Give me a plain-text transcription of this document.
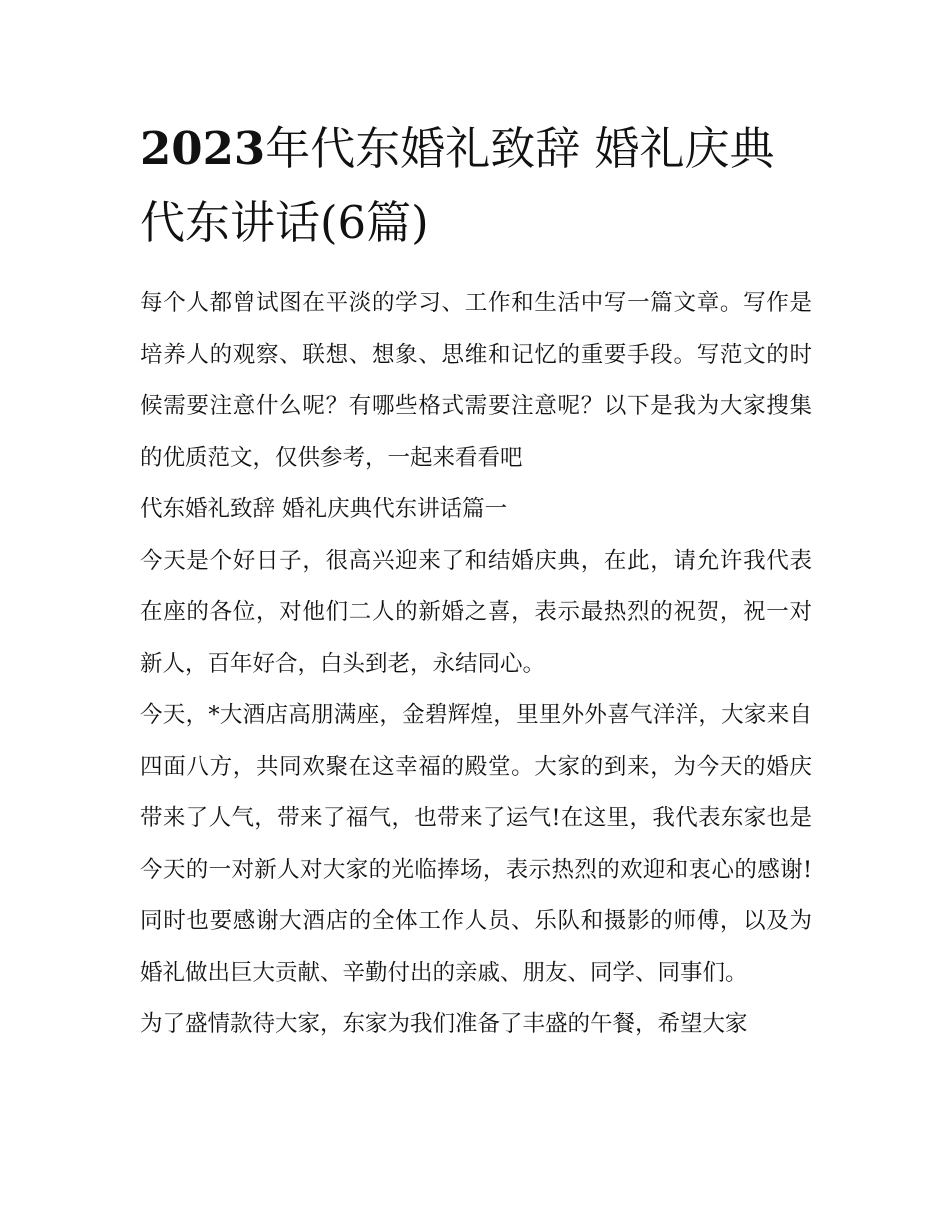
2023年代东婚礼致辞 婚礼庆典代东讲话(6篇)

每个人都曾试图在平淡的学习、工作和生活中写一篇文章。写作是培养人的观察、联想、想象、思维和记忆的重要手段。写范文的时候需要注意什么呢？有哪些格式需要注意呢？以下是我为大家搜集的优质范文，仅供参考，一起来看看吧

代东婚礼致辞 婚礼庆典代东讲话篇一

今天是个好日子，很高兴迎来了和结婚庆典，在此，请允许我代表在座的各位，对他们二人的新婚之喜，表示最热烈的祝贺，祝一对新人，百年好合，白头到老，永结同心。

今天，*大酒店高朋满座，金碧辉煌，里里外外喜气洋洋，大家来自四面八方，共同欢聚在这幸福的殿堂。大家的到来，为今天的婚庆带来了人气，带来了福气，也带来了运气!在这里，我代表东家也是今天的一对新人对大家的光临捧场，表示热烈的欢迎和衷心的感谢!同时也要感谢大酒店的全体工作人员、乐队和摄影的师傅，以及为婚礼做出巨大贡献、辛勤付出的亲戚、朋友、同学、同事们。

为了盛情款待大家，东家为我们准备了丰盛的午餐，希望大家
